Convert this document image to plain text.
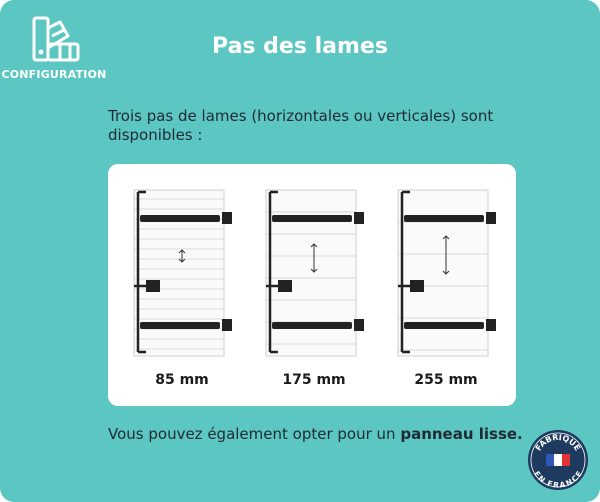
CONFIGURATION
Pas des lames
Trois pas de lames (horizontales ou verticales) sont disponibles :
85 mm	175 mm	255 mm
Vous pouvez également opter pour un panneau lisse.
FABRIQUÉ
EN FRANCE
